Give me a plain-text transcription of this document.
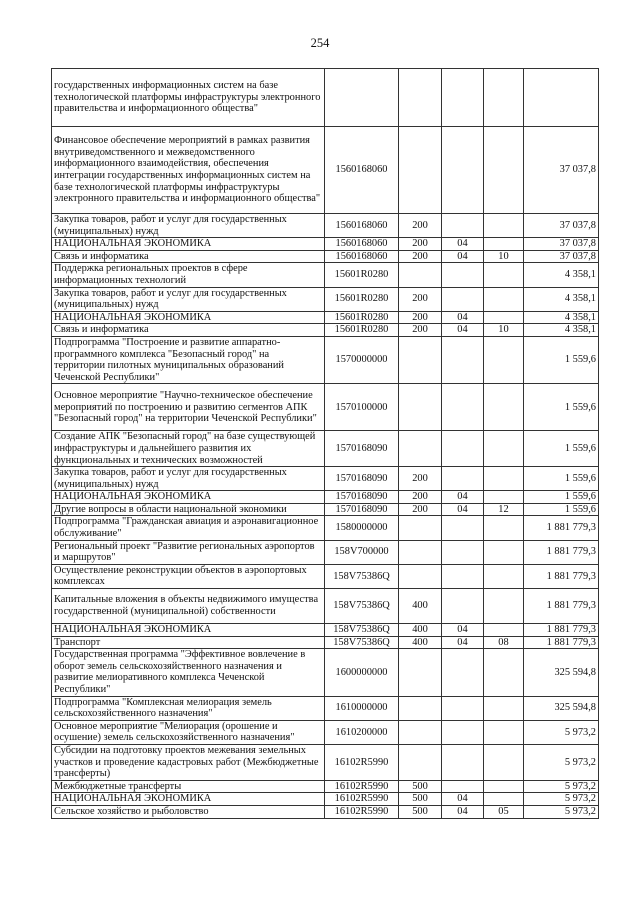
254
государственных информационных систем на базе технологической платформы инфраструктуры электронного правительства и информационного общества"					
Финансовое обеспечение мероприятий в рамках развития внутриведомственного и межведомственного информационного взаимодействия, обеспечения интеграции государственных информационных систем на базе технологической платформы инфраструктуры электронного правительства и информационного общества"	1560168060				37 037,8
Закупка товаров, работ и услуг для государственных (муниципальных) нужд	1560168060	200			37 037,8
НАЦИОНАЛЬНАЯ ЭКОНОМИКА	1560168060	200	04		37 037,8
Связь и информатика	1560168060	200	04	10	37 037,8
Поддержка региональных проектов в сфере информационных технологий	15601R0280				4 358,1
Закупка товаров, работ и услуг для государственных (муниципальных) нужд	15601R0280	200			4 358,1
НАЦИОНАЛЬНАЯ ЭКОНОМИКА	15601R0280	200	04		4 358,1
Связь и информатика	15601R0280	200	04	10	4 358,1
Подпрограмма "Построение и развитие аппаратно-программного комплекса "Безопасный город" на территории пилотных муниципальных образований Чеченской Республики"	1570000000				1 559,6
Основное мероприятие "Научно-техническое обеспечение мероприятий по построению и развитию сегментов АПК "Безопасный город" на территории Чеченской Республики"	1570100000				1 559,6
Создание АПК "Безопасный город" на базе существующей инфраструктуры и дальнейшего развития их функциональных и технических возможностей	1570168090				1 559,6
Закупка товаров, работ и услуг для государственных (муниципальных) нужд	1570168090	200			1 559,6
НАЦИОНАЛЬНАЯ ЭКОНОМИКА	1570168090	200	04		1 559,6
Другие вопросы в области национальной экономики	1570168090	200	04	12	1 559,6
Подпрограмма "Гражданская авиация и аэронавигационное обслуживание"	1580000000				1 881 779,3
Региональный проект "Развитие региональных аэропортов и маршрутов"	158V700000				1 881 779,3
Осуществление реконструкции объектов в аэропортовых комплексах	158V75386Q				1 881 779,3
Капитальные вложения в объекты недвижимого имущества государственной (муниципальной) собственности	158V75386Q	400			1 881 779,3
НАЦИОНАЛЬНАЯ ЭКОНОМИКА	158V75386Q	400	04		1 881 779,3
Транспорт	158V75386Q	400	04	08	1 881 779,3
Государственная программа "Эффективное вовлечение в оборот земель сельскохозяйственного назначения и развитие мелиоративного комплекса Чеченской Республики"	1600000000				325 594,8
Подпрограмма "Комплексная мелиорация земель сельскохозяйственного назначения"	1610000000				325 594,8
Основное мероприятие "Мелиорация (орошение и осушение) земель сельскохозяйственного назначения"	1610200000				5 973,2
Субсидии на подготовку проектов межевания земельных участков и проведение кадастровых работ (Межбюджетные трансферты)	16102R5990				5 973,2
Межбюджетные трансферты	16102R5990	500			5 973,2
НАЦИОНАЛЬНАЯ ЭКОНОМИКА	16102R5990	500	04		5 973,2
Сельское хозяйство и рыболовство	16102R5990	500	04	05	5 973,2
